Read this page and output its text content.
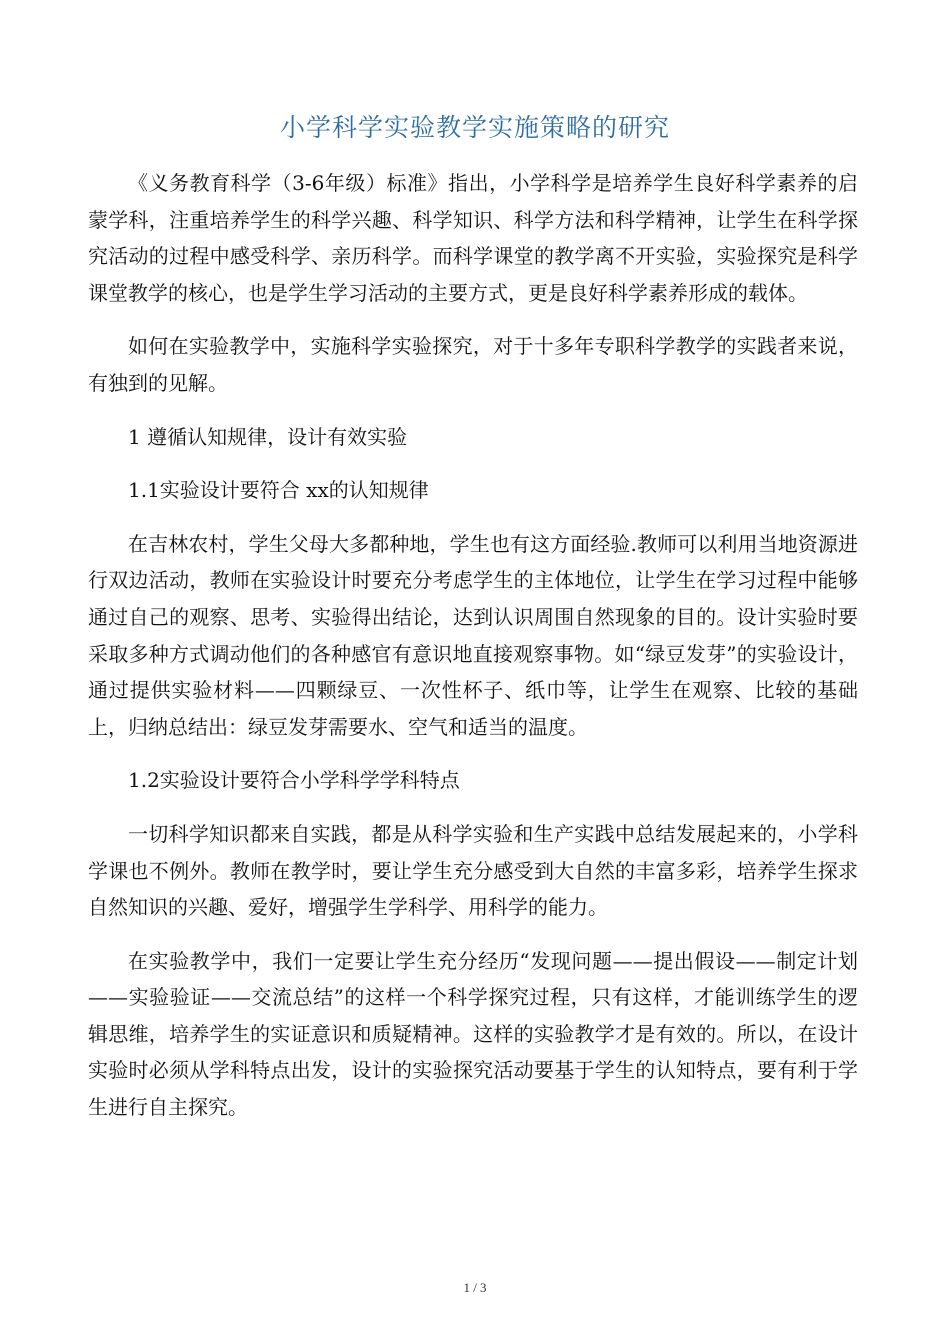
小学科学实验教学实施策略的研究

《义务教育科学（3-6年级）标准》指出，小学科学是培养学生良好科学素养的启蒙学科，注重培养学生的科学兴趣、科学知识、科学方法和科学精神，让学生在科学探究活动的过程中感受科学、亲历科学。而科学课堂的教学离不开实验，实验探究是科学课堂教学的核心，也是学生学习活动的主要方式，更是良好科学素养形成的载体。

如何在实验教学中，实施科学实验探究，对于十多年专职科学教学的实践者来说，有独到的见解。

1 遵循认知规律，设计有效实验

1.1实验设计要符合 xx的认知规律

在吉林农村，学生父母大多都种地，学生也有这方面经验.教师可以利用当地资源进行双边活动，教师在实验设计时要充分考虑学生的主体地位，让学生在学习过程中能够通过自己的观察、思考、实验得出结论，达到认识周围自然现象的目的。设计实验时要采取多种方式调动他们的各种感官有意识地直接观察事物。如“绿豆发芽”的实验设计，通过提供实验材料——四颗绿豆、一次性杯子、纸巾等，让学生在观察、比较的基础上，归纳总结出：绿豆发芽需要水、空气和适当的温度。

1.2实验设计要符合小学科学学科特点

一切科学知识都来自实践，都是从科学实验和生产实践中总结发展起来的，小学科学课也不例外。教师在教学时，要让学生充分感受到大自然的丰富多彩，培养学生探求自然知识的兴趣、爱好，增强学生学科学、用科学的能力。

在实验教学中，我们一定要让学生充分经历“发现问题——提出假设——制定计划——实验验证——交流总结”的这样一个科学探究过程，只有这样，才能训练学生的逻辑思维，培养学生的实证意识和质疑精神。这样的实验教学才是有效的。所以，在设计实验时必须从学科特点出发，设计的实验探究活动要基于学生的认知特点，要有利于学生进行自主探究。

1 / 3
